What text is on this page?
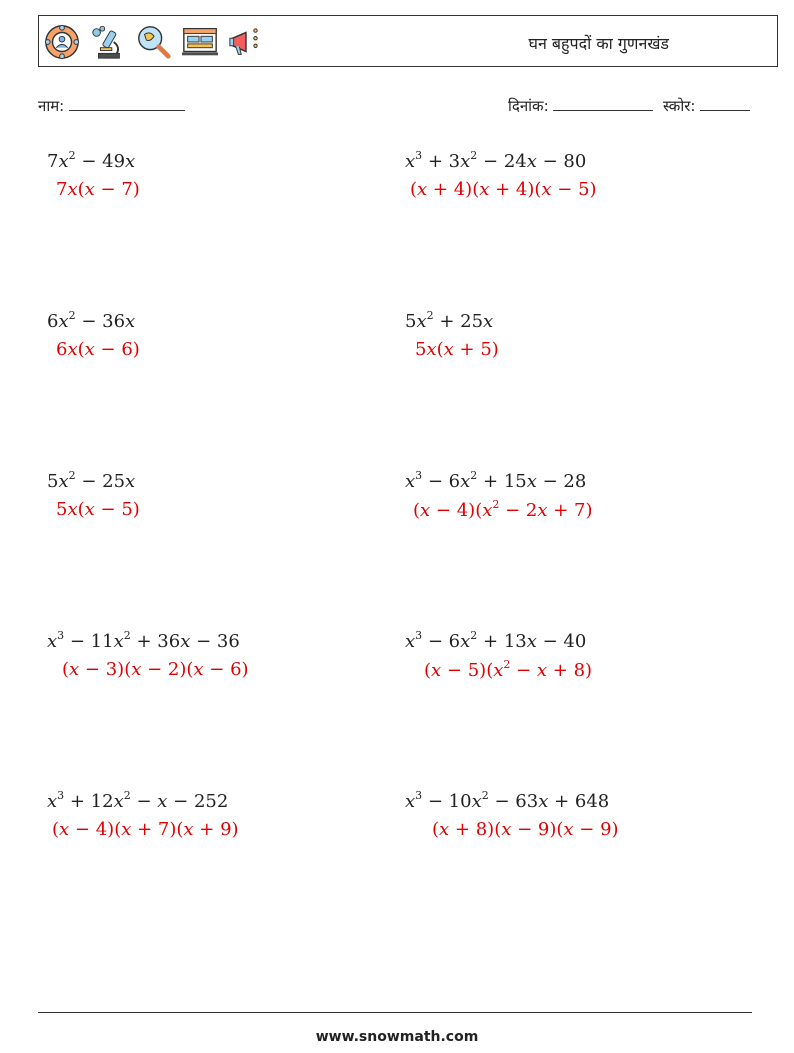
घन बहुपदों का गुणनखंड
नाम:	दिनांक:	स्कोर:
$7x^2 - 49x$
7x(x − 7)
$x^3 + 3x^2 - 24x - 80$
(x + 4)(x + 4)(x − 5)
$6x^2 - 36x$
6x(x − 6)
$5x^2 + 25x$
5x(x + 5)
$5x^2 - 25x$
5x(x − 5)
$x^3 - 6x^2 + 15x - 28$
$(x - 4)(x^2 - 2x + 7)$
$x^3 - 11x^2 + 36x - 36$
(x − 3)(x − 2)(x − 6)
$x^3 - 6x^2 + 13x - 40$
$(x - 5)(x^2 - x + 8)$
$x^3 + 12x^2 - x - 252$
(x − 4)(x + 7)(x + 9)
$x^3 - 10x^2 - 63x + 648$
(x + 8)(x − 9)(x − 9)
www.snowmath.com
